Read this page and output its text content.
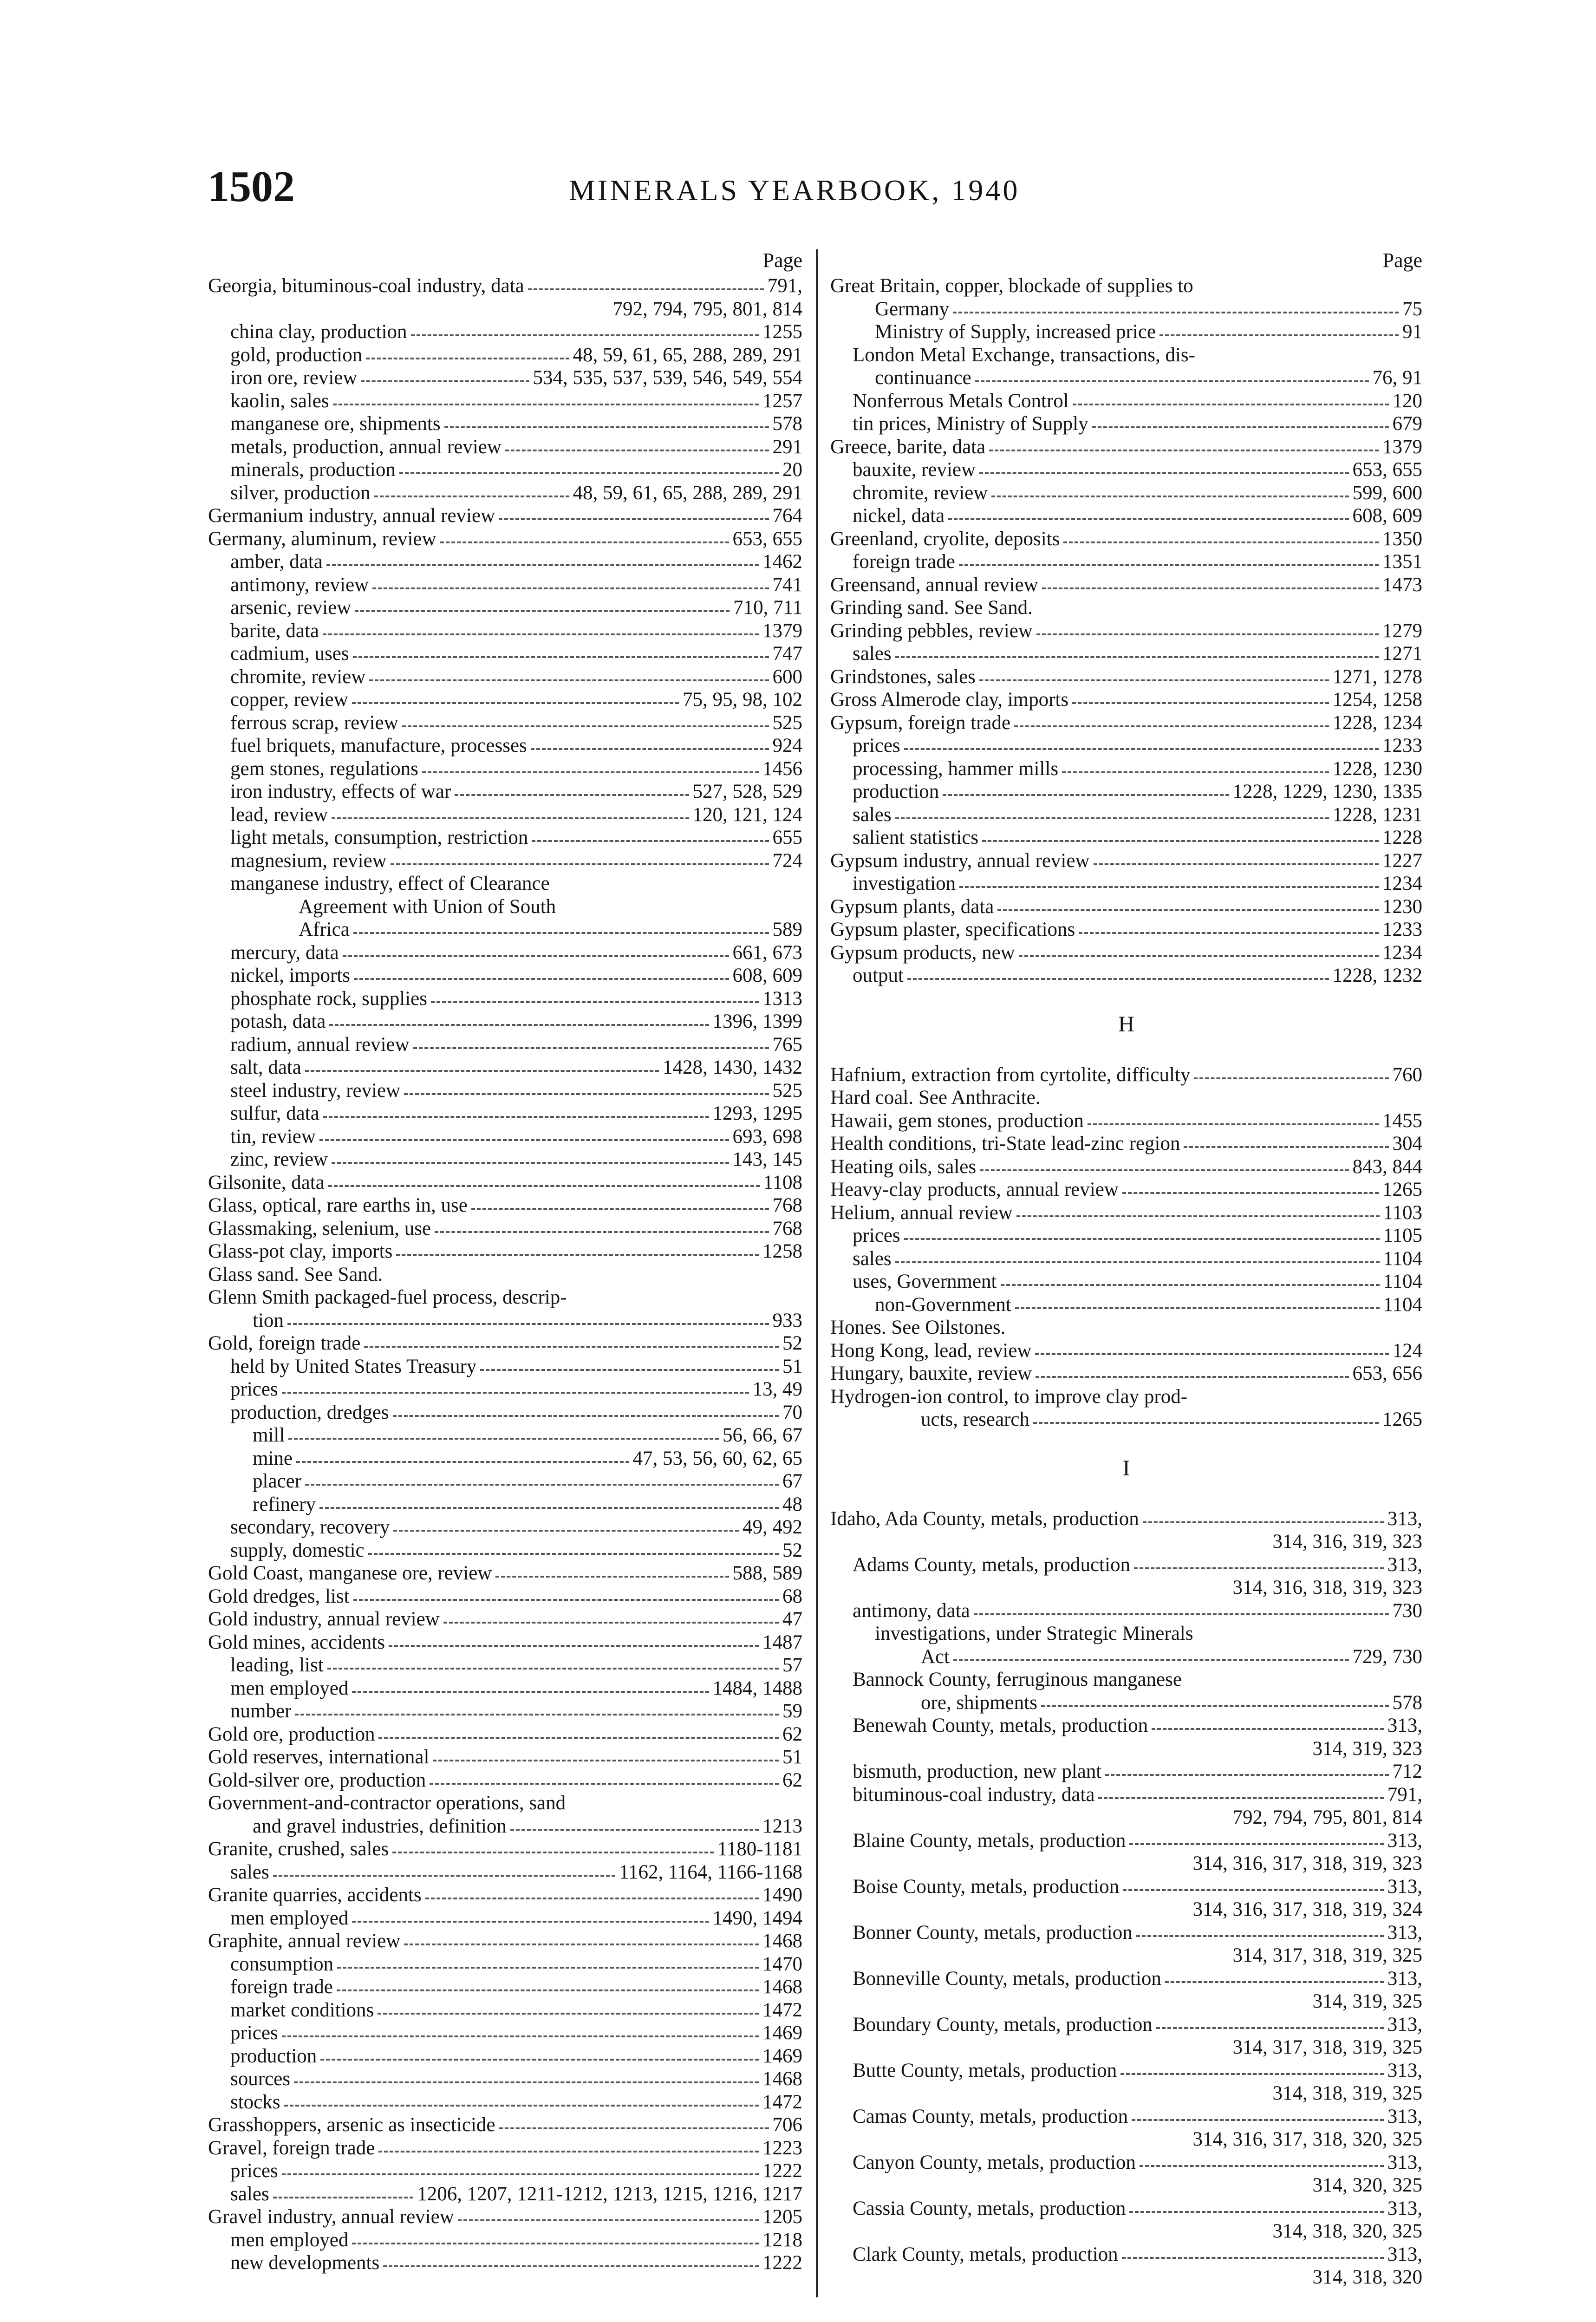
1502	MINERALS YEARBOOK, 1940
Page
Georgia, bituminous-coal industry, data	791,
792, 794, 795, 801, 814
china clay, production	1255
gold, production	48, 59, 61, 65, 288, 289, 291
iron ore, review	534, 535, 537, 539, 546, 549, 554
kaolin, sales	1257
manganese ore, shipments	578
metals, production, annual review	291
minerals, production	20
silver, production	48, 59, 61, 65, 288, 289, 291
Germanium industry, annual review	764
Germany, aluminum, review	653, 655
amber, data	1462
antimony, review	741
arsenic, review	710, 711
barite, data	1379
cadmium, uses	747
chromite, review	600
copper, review	75, 95, 98, 102
ferrous scrap, review	525
fuel briquets, manufacture, processes	924
gem stones, regulations	1456
iron industry, effects of war	527, 528, 529
lead, review	120, 121, 124
light metals, consumption, restriction	655
magnesium, review	724
manganese industry, effect of Clearance
Agreement with Union of South
Africa	589
mercury, data	661, 673
nickel, imports	608, 609
phosphate rock, supplies	1313
potash, data	1396, 1399
radium, annual review	765
salt, data	1428, 1430, 1432
steel industry, review	525
sulfur, data	1293, 1295
tin, review	693, 698
zinc, review	143, 145
Gilsonite, data	1108
Glass, optical, rare earths in, use	768
Glassmaking, selenium, use	768
Glass-pot clay, imports	1258
Glass sand. See Sand.
Glenn Smith packaged-fuel process, descrip-
tion	933
Gold, foreign trade	52
held by United States Treasury	51
prices	13, 49
production, dredges	70
mill	56, 66, 67
mine	47, 53, 56, 60, 62, 65
placer	67
refinery	48
secondary, recovery	49, 492
supply, domestic	52
Gold Coast, manganese ore, review	588, 589
Gold dredges, list	68
Gold industry, annual review	47
Gold mines, accidents	1487
leading, list	57
men employed	1484, 1488
number	59
Gold ore, production	62
Gold reserves, international	51
Gold-silver ore, production	62
Government-and-contractor operations, sand
and gravel industries, definition	1213
Granite, crushed, sales	1180-1181
sales	1162, 1164, 1166-1168
Granite quarries, accidents	1490
men employed	1490, 1494
Graphite, annual review	1468
consumption	1470
foreign trade	1468
market conditions	1472
prices	1469
production	1469
sources	1468
stocks	1472
Grasshoppers, arsenic as insecticide	706
Gravel, foreign trade	1223
prices	1222
sales	1206, 1207, 1211-1212, 1213, 1215, 1216, 1217
Gravel industry, annual review	1205
men employed	1218
new developments	1222
Page
Great Britain, copper, blockade of supplies to
Germany	75
Ministry of Supply, increased price	91
London Metal Exchange, transactions, dis-
continuance	76, 91
Nonferrous Metals Control	120
tin prices, Ministry of Supply	679
Greece, barite, data	1379
bauxite, review	653, 655
chromite, review	599, 600
nickel, data	608, 609
Greenland, cryolite, deposits	1350
foreign trade	1351
Greensand, annual review	1473
Grinding sand. See Sand.
Grinding pebbles, review	1279
sales	1271
Grindstones, sales	1271, 1278
Gross Almerode clay, imports	1254, 1258
Gypsum, foreign trade	1228, 1234
prices	1233
processing, hammer mills	1228, 1230
production	1228, 1229, 1230, 1335
sales	1228, 1231
salient statistics	1228
Gypsum industry, annual review	1227
investigation	1234
Gypsum plants, data	1230
Gypsum plaster, specifications	1233
Gypsum products, new	1234
output	1228, 1232
H
Hafnium, extraction from cyrtolite, difficulty	760
Hard coal. See Anthracite.
Hawaii, gem stones, production	1455
Health conditions, tri-State lead-zinc region	304
Heating oils, sales	843, 844
Heavy-clay products, annual review	1265
Helium, annual review	1103
prices	1105
sales	1104
uses, Government	1104
non-Government	1104
Hones. See Oilstones.
Hong Kong, lead, review	124
Hungary, bauxite, review	653, 656
Hydrogen-ion control, to improve clay prod-
ucts, research	1265
I
Idaho, Ada County, metals, production	313,
314, 316, 319, 323
Adams County, metals, production	313,
314, 316, 318, 319, 323
antimony, data	730
investigations, under Strategic Minerals
Act	729, 730
Bannock County, ferruginous manganese
ore, shipments	578
Benewah County, metals, production	313,
314, 319, 323
bismuth, production, new plant	712
bituminous-coal industry, data	791,
792, 794, 795, 801, 814
Blaine County, metals, production	313,
314, 316, 317, 318, 319, 323
Boise County, metals, production	313,
314, 316, 317, 318, 319, 324
Bonner County, metals, production	313,
314, 317, 318, 319, 325
Bonneville County, metals, production	313,
314, 319, 325
Boundary County, metals, production	313,
314, 317, 318, 319, 325
Butte County, metals, production	313,
314, 318, 319, 325
Camas County, metals, production	313,
314, 316, 317, 318, 320, 325
Canyon County, metals, production	313,
314, 320, 325
Cassia County, metals, production	313,
314, 318, 320, 325
Clark County, metals, production	313,
314, 318, 320
